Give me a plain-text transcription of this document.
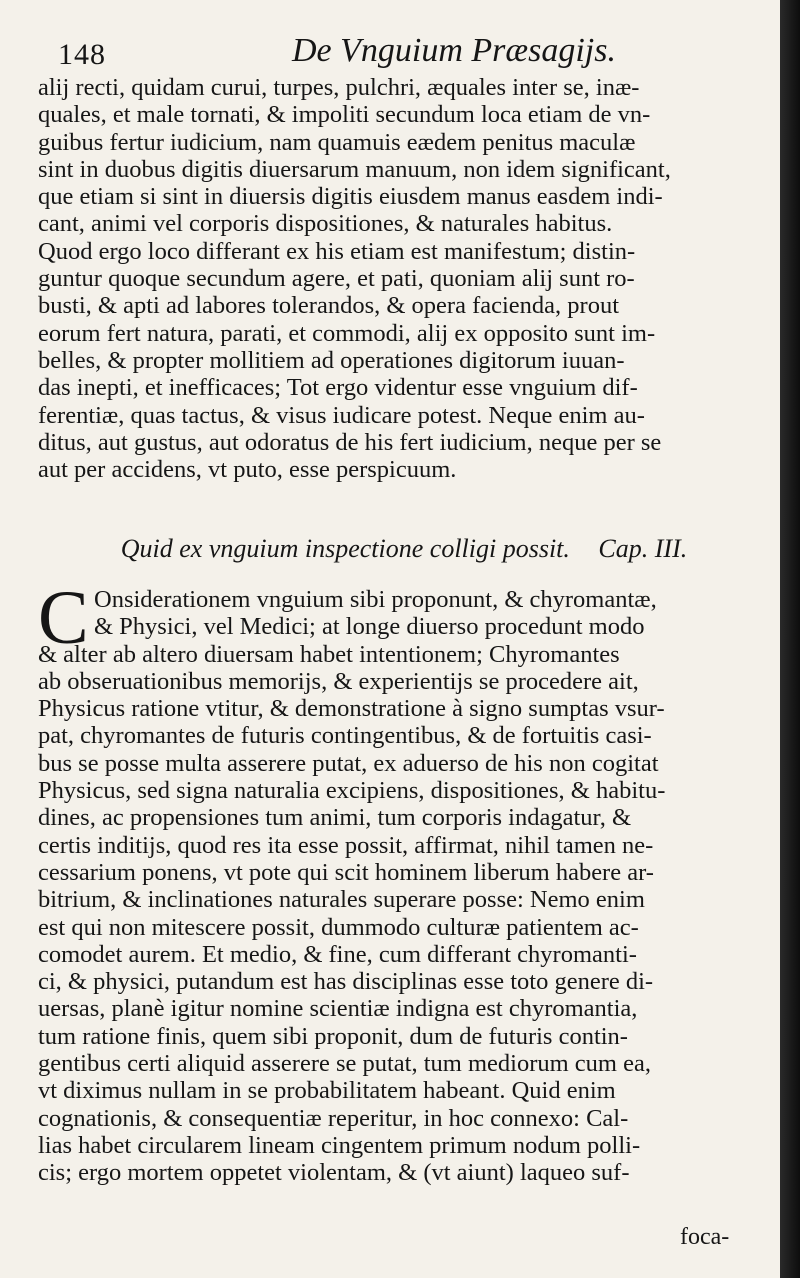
148	De Vnguium Præsagijs.
alij recti, quidam curui, turpes, pulchri, æquales inter se, inæ-
quales, et male tornati, & impoliti secundum loca etiam de vn-
guibus fertur iudicium, nam quamuis eædem penitus maculæ
sint in duobus digitis diuersarum manuum, non idem significant,
que etiam si sint in diuersis digitis eiusdem manus easdem indi-
cant, animi vel corporis dispositiones, & naturales habitus.
Quod ergo loco differant ex his etiam est manifestum; distin-
guntur quoque secundum agere, et pati, quoniam alij sunt ro-
busti, & apti ad labores tolerandos, & opera facienda, prout
eorum fert natura, parati, et commodi, alij ex opposito sunt im-
belles, & propter mollitiem ad operationes digitorum iuuan-
das inepti, et inefficaces; Tot ergo videntur esse vnguium dif-
ferentiæ, quas tactus, & visus iudicare potest. Neque enim au-
ditus, aut gustus, aut odoratus de his fert iudicium, neque per se
aut per accidens, vt puto, esse perspicuum.
Quid ex vnguium inspectione colligi possit. Cap. III.
C Onsiderationem vnguium sibi proponunt, & chyromantæ,
& Physici, vel Medici; at longe diuerso procedunt modo
& alter ab altero diuersam habet intentionem; Chyromantes
ab obseruationibus memorijs, & experientijs se procedere ait,
Physicus ratione vtitur, & demonstratione à signo sumptas vsur-
pat, chyromantes de futuris contingentibus, & de fortuitis casi-
bus se posse multa asserere putat, ex aduerso de his non cogitat
Physicus, sed signa naturalia excipiens, dispositiones, & habitu-
dines, ac propensiones tum animi, tum corporis indagatur, &
certis inditijs, quod res ita esse possit, affirmat, nihil tamen ne-
cessarium ponens, vt pote qui scit hominem liberum habere ar-
bitrium, & inclinationes naturales superare posse: Nemo enim
est qui non mitescere possit, dummodo culturæ patientem ac-
comodet aurem. Et medio, & fine, cum differant chyromanti-
ci, & physici, putandum est has disciplinas esse toto genere di-
uersas, planè igitur nomine scientiæ indigna est chyromantia,
tum ratione finis, quem sibi proponit, dum de futuris contin-
gentibus certi aliquid asserere se putat, tum mediorum cum ea,
vt diximus nullam in se probabilitatem habeant. Quid enim
cognationis, & consequentiæ reperitur, in hoc connexo: Cal-
lias habet circularem lineam cingentem primum nodum polli-
cis; ergo mortem oppetet violentam, & (vt aiunt) laqueo suf-
foca-
